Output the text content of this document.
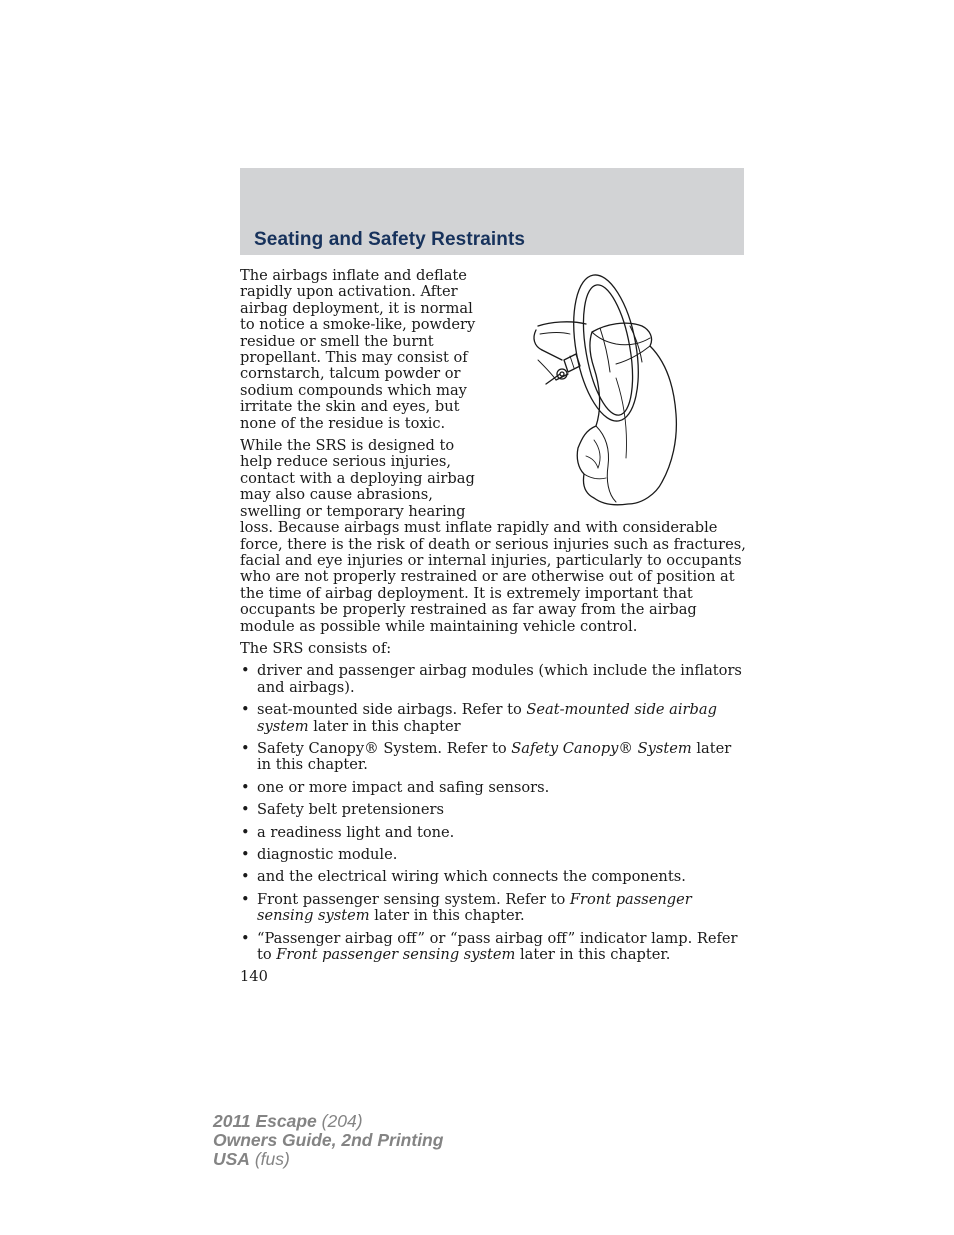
Seating and Safety Restraints

The airbags inflate and deflate rapidly upon activation. After airbag deployment, it is normal to notice a smoke-like, powdery residue or smell the burnt propellant. This may consist of cornstarch, talcum powder or sodium compounds which may irritate the skin and eyes, but none of the residue is toxic.

While the SRS is designed to help reduce serious injuries, contact with a deploying airbag may also cause abrasions, swelling or temporary hearing loss. Because airbags must inflate rapidly and with considerable force, there is the risk of death or serious injuries such as fractures, facial and eye injuries or internal injuries, particularly to occupants who are not properly restrained or are otherwise out of position at the time of airbag deployment. It is extremely important that occupants be properly restrained as far away from the airbag module as possible while maintaining vehicle control.

The SRS consists of:

• driver and passenger airbag modules (which include the inflators and airbags).
• seat-mounted side airbags. Refer to Seat-mounted side airbag system later in this chapter
• Safety Canopy® System. Refer to Safety Canopy® System later in this chapter.
• one or more impact and safing sensors.
• Safety belt pretensioners
• a readiness light and tone.
• diagnostic module.
• and the electrical wiring which connects the components.
• Front passenger sensing system. Refer to Front passenger sensing system later in this chapter.
• “Passenger airbag off” or “pass airbag off” indicator lamp. Refer to Front passenger sensing system later in this chapter.
140
2011 Escape (204)
Owners Guide, 2nd Printing
USA (fus)
